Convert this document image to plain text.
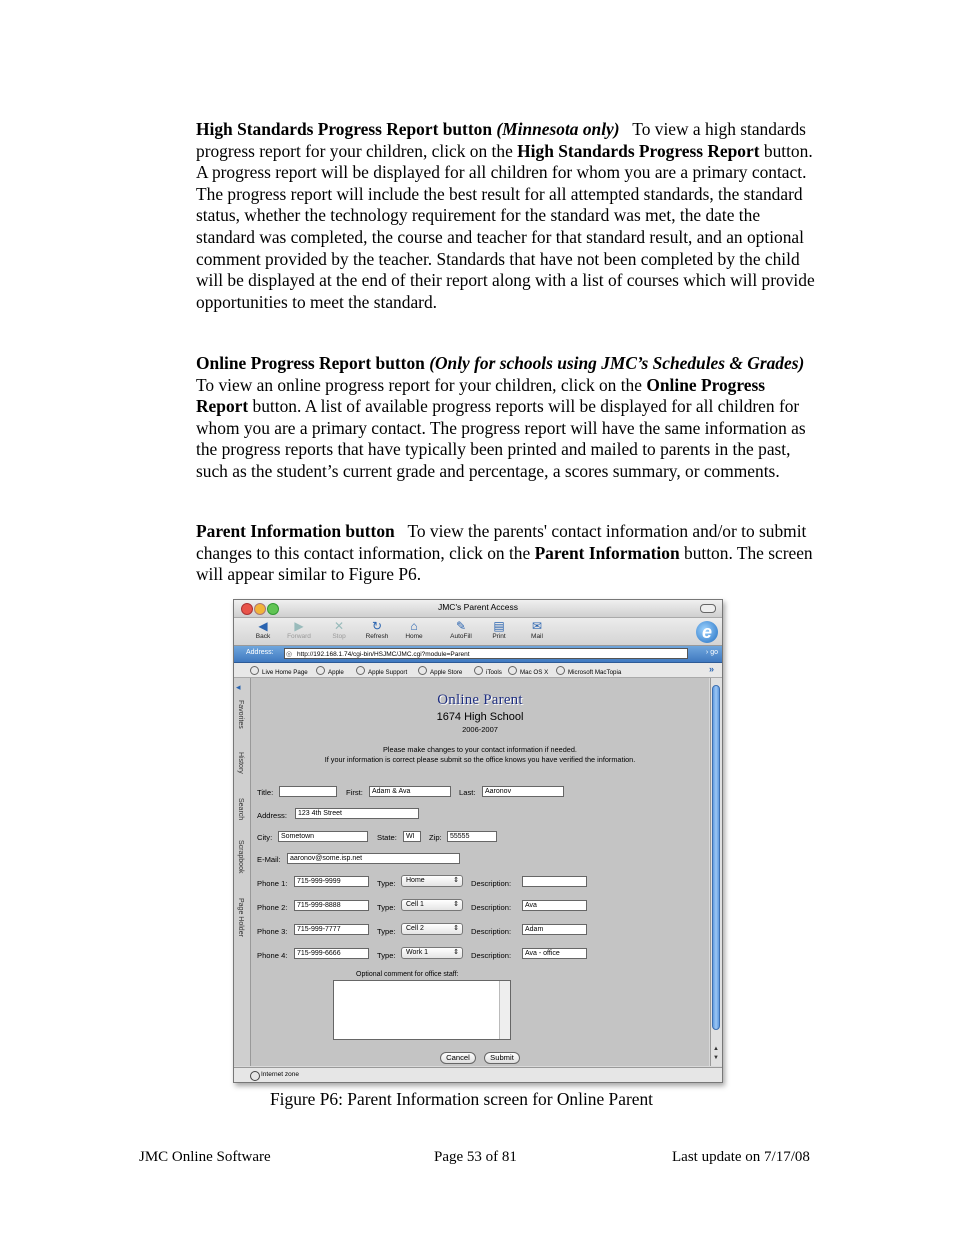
High Standards Progress Report button (Minnesota only) To view a high standards progress report for your children, click on the High Standards Progress Report button. A progress report will be displayed for all children for whom you are a primary contact. The progress report will include the best result for all attempted standards, the standard status, whether the technology requirement for the standard was met, the date the standard was completed, the course and teacher for that standard result, and an optional comment provided by the teacher. Standards that have not been completed by the child will be displayed at the end of their report along with a list of courses which will provide opportunities to meet the standard.
Online Progress Report button (Only for schools using JMC’s Schedules & Grades)   To view an online progress report for your children, click on the Online Progress Report button. A list of available progress reports will be displayed for all children for whom you are a primary contact. The progress report will have the same information as the progress reports that have typically been printed and mailed to parents in the past, such as the student’s current grade and percentage, a scores summary, or comments.
Parent Information button To view the parents' contact information and/or to submit changes to this contact information, click on the Parent Information button. The screen will appear similar to Figure P6.
JMC's Parent Access
◀
Back
▶
Forward
✕
Stop
↻
Refresh
⌂
Home
✎
AutoFill
▤
Print
✉
Mail	e
Address:	http://192.168.1.74/cgi-bin/HSJMC/JMC.cgi?module=Parent
◎	› go
Live Home Page	Apple	Apple Support	Apple Store	iTools	Mac OS X	Microsoft MacTopia	»
◂
Favorites
History
Search
Scrapbook
Page Holder
Online Parent
1674 High School
2006-2007
Please make changes to your contact information if needed.
If your information is correct please submit so the office knows you have verified the information.
Title:	First:	Adam & Ava	Last:	Aaronov
Address:	123 4th Street
City:	Sometown	State:	WI	Zip:	55555
E-Mail:	aaronov@some.isp.net
Phone 1:	715-999-9999	Type:	Home	⇕ Description:
Phone 2:	715-999-8888	Type:	Cell 1	⇕ Description:	Ava
Phone 3:	715-999-7777	Type:	Cell 2	⇕ Description:	Adam
Phone 4:	715-999-6666	Type:	Work 1	⇕ Description:	Ava - office
Optional comment for office staff:
Cancel	Submit
▲
▼
Internet zone
Figure P6: Parent Information screen for Online Parent
JMC Online Software	Page 53 of 81	Last update on 7/17/08
